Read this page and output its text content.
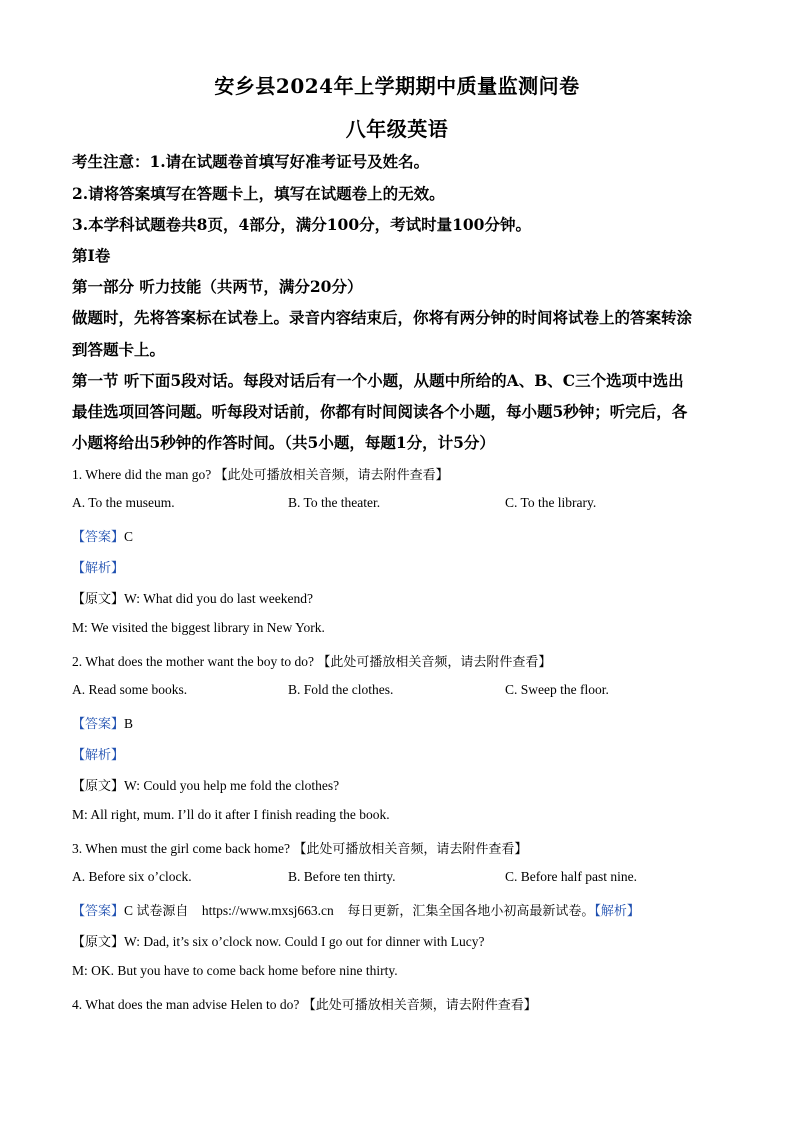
安乡县2024年上学期期中质量监测问卷
八年级英语
考生注意：1.请在试题卷首填写好准考证号及姓名。
2.请将答案填写在答题卡上，填写在试题卷上的无效。
3.本学科试题卷共8页，4部分，满分100分，考试时量100分钟。
第Ⅰ卷
第一部分 听力技能（共两节，满分20分）
做题时，先将答案标在试卷上。录音内容结束后，你将有两分钟的时间将试卷上的答案转涂
到答题卡上。
第一节 听下面5段对话。每段对话后有一个小题，从题中所给的A、B、C三个选项中选出
最佳选项回答问题。听每段对话前，你都有时间阅读各个小题，每小题5秒钟；听完后，各
小题将给出5秒钟的作答时间。（共5小题，每题1分，计5分）
1. Where did the man go? 【此处可播放相关音频，请去附件查看】
A. To the museum.	B. To the theater.	C. To the library.
【答案】C
【解析】
【原文】W: What did you do last weekend?
M: We visited the biggest library in New York.
2. What does the mother want the boy to do? 【此处可播放相关音频，请去附件查看】
A. Read some books.	B. Fold the clothes.	C. Sweep the floor.
【答案】B
【解析】
【原文】W: Could you help me fold the clothes?
M: All right, mum. I’ll do it after I finish reading the book.
3. When must the girl come back home? 【此处可播放相关音频，请去附件查看】
A. Before six o’clock.	B. Before ten thirty.	C. Before half past nine.
【答案】C 试卷源自 https://www.mxsj663.cn 每日更新，汇集全国各地小初高最新试卷。【解析】
【原文】W: Dad, it’s six o’clock now. Could I go out for dinner with Lucy?
M: OK. But you have to come back home before nine thirty.
4. What does the man advise Helen to do? 【此处可播放相关音频，请去附件查看】
